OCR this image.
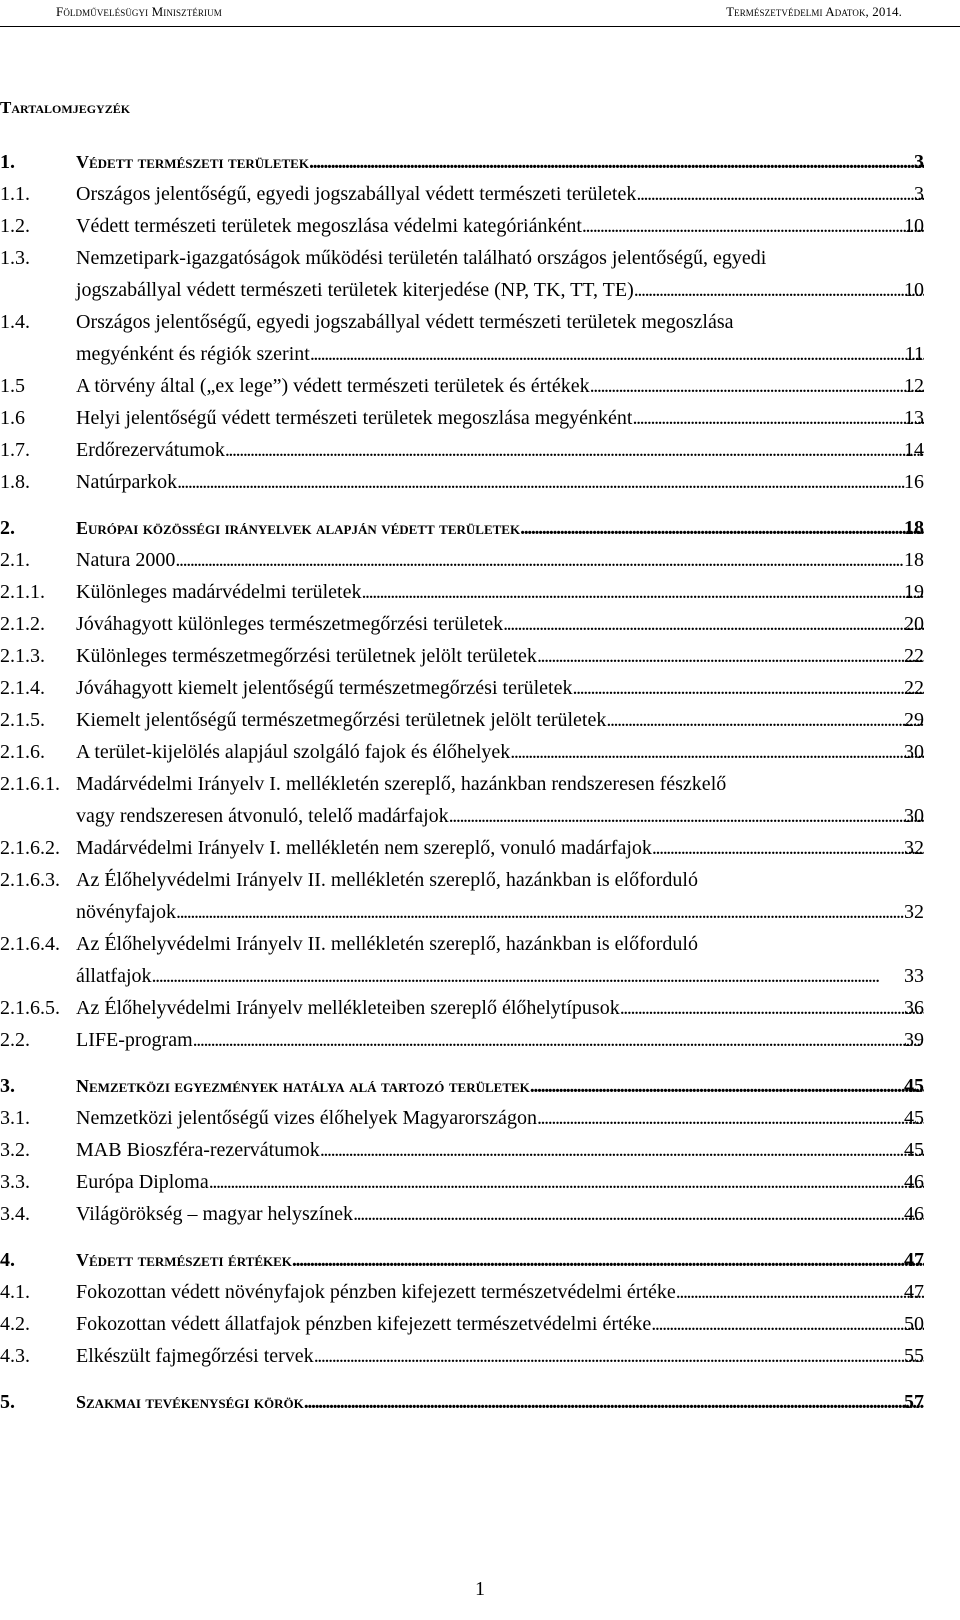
Földművelésügyi Minisztérium	Természetvédelmi Adatok, 2014.
Tartalomjegyzék
1.	Védett természeti területek . . .	3
1.1. Országos jelentőségű, egyedi jogszabállyal védett természeti területek . . .	3
1.2. Védett természeti területek megoszlása védelmi kategóriánként . . .	10
1.3. Nemzetipark-igazgatóságok működési területén található országos jelentőségű, egyedi
jogszabállyal védett természeti területek kiterjedése (NP, TK, TT, TE) . . .	10
1.4. Országos jelentőségű, egyedi jogszabállyal védett természeti területek megoszlása
megyénként és régiók szerint . . .	11
1.5	A törvény által („ex lege”) védett természeti területek és értékek . . .	12
1.6	Helyi jelentőségű védett természeti területek megoszlása megyénként . . .	13
1.7. Erdőrezervátumok . . .	14
1.8. Natúrparkok . . .	16
2.	Európai közösségi irányelvek alapján védett területek . . .	18
2.1. Natura 2000 . . .	18
2.1.1. Különleges madárvédelmi területek . . .	19
2.1.2. Jóváhagyott különleges természetmegőrzési területek . . .	20
2.1.3. Különleges természetmegőrzési területnek jelölt területek . . .	22
2.1.4. Jóváhagyott kiemelt jelentőségű természetmegőrzési területek . . .	22
2.1.5. Kiemelt jelentőségű természetmegőrzési területnek jelölt területek . . .	29
2.1.6. A terület-kijelölés alapjául szolgáló fajok és élőhelyek . . .	30
2.1.6.1. Madárvédelmi Irányelv I. mellékletén szereplő, hazánkban rendszeresen fészkelő
vagy rendszeresen átvonuló, telelő madárfajok . . .	30
2.1.6.2. Madárvédelmi Irányelv I. mellékletén nem szereplő, vonuló madárfajok . . .	32
2.1.6.3. Az Élőhelyvédelmi Irányelv II. mellékletén szereplő, hazánkban is előforduló
növényfajok . . .	32
2.1.6.4. Az Élőhelyvédelmi Irányelv II. mellékletén szereplő, hazánkban is előforduló
állatfajok . . .	33
2.1.6.5. Az Élőhelyvédelmi Irányelv mellékleteiben szereplő élőhelytípusok . . .	36
2.2. LIFE-program . . .	39
3.	Nemzetközi egyezmények hatálya alá tartozó területek . . .	45
3.1. Nemzetközi jelentőségű vizes élőhelyek Magyarországon . . .	45
3.2. MAB Bioszféra-rezervátumok . . .	45
3.3. Európa Diploma . . .	46
3.4. Világörökség – magyar helyszínek . . .	46
4.	Védett természeti értékek . . .	47
4.1. Fokozottan védett növényfajok pénzben kifejezett természetvédelmi értéke . . .	47
4.2. Fokozottan védett állatfajok pénzben kifejezett természetvédelmi értéke . . .	50
4.3. Elkészült fajmegőrzési tervek . . .	55
5.	Szakmai tevékenységi körök . . .	57
1
